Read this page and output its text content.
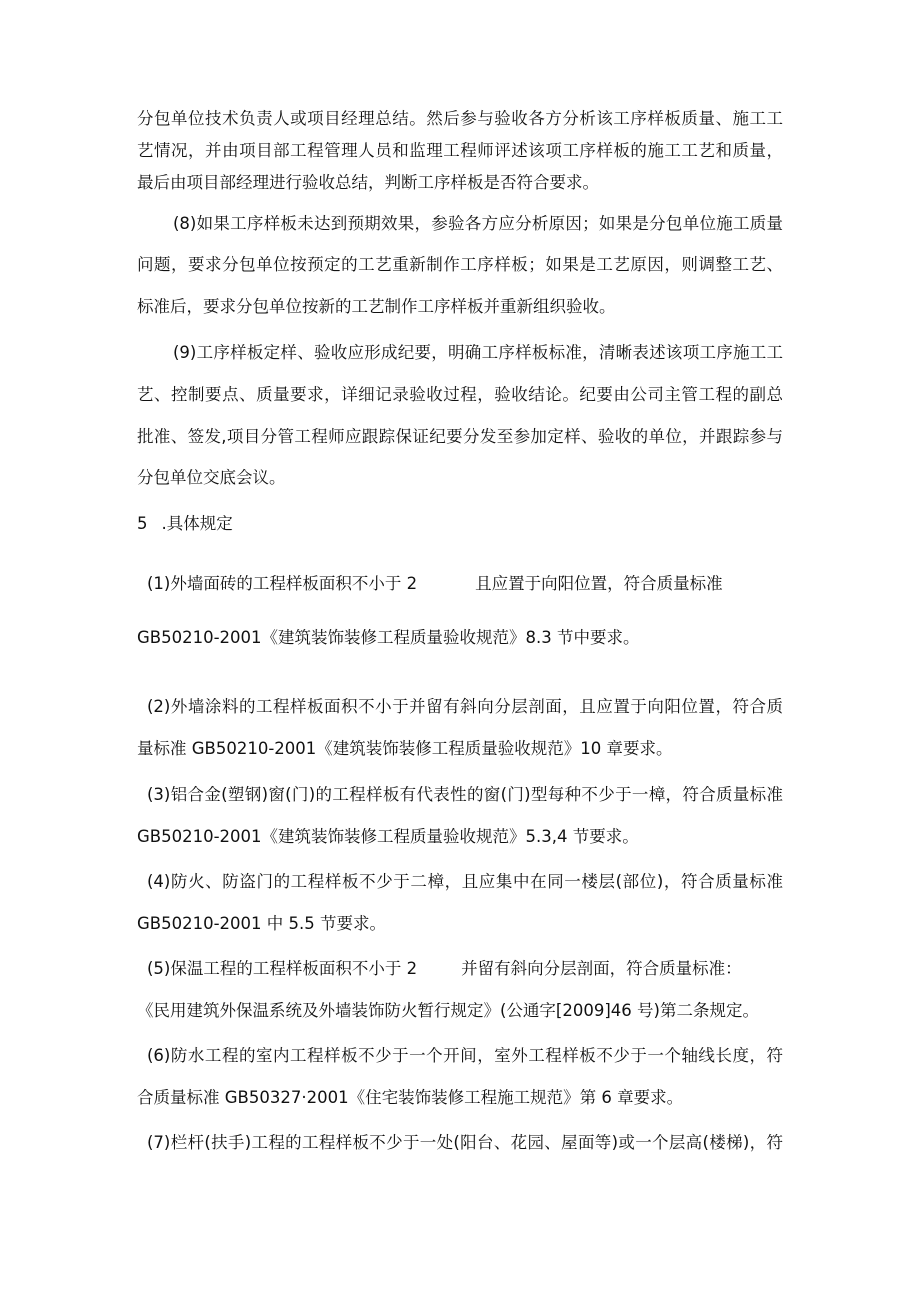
分包单位技术负责人或项目经理总结。然后参与验收各方分析该工序样板质量、施工工
艺情况，并由项目部工程管理人员和监理工程师评述该项工序样板的施工工艺和质量，
最后由项目部经理进行验收总结，判断工序样板是否符合要求。
(8)如果工序样板未达到预期效果，参验各方应分析原因；如果是分包单位施工质量
问题，要求分包单位按预定的工艺重新制作工序样板；如果是工艺原因，则调整工艺、
标准后，要求分包单位按新的工艺制作工序样板并重新组织验收。
(9)工序样板定样、验收应形成纪要，明确工序样板标准，清晰表述该项工序施工工
艺、控制要点、质量要求，详细记录验收过程，验收结论。纪要由公司主管工程的副总
批准、签发,项目分管工程师应跟踪保证纪要分发至参加定样、验收的单位，并跟踪参与
分包单位交底会议。
5 .具体规定
(1)外墙面砖的工程样板面积不小于 2	且应置于向阳位置，符合质量标准
GB50210-2001《建筑装饰装修工程质量验收规范》8.3 节中要求。
(2)外墙涂料的工程样板面积不小于并留有斜向分层剖面，且应置于向阳位置，符合质
量标准 GB50210-2001《建筑装饰装修工程质量验收规范》10 章要求。
(3)铝合金(塑钢)窗(门)的工程样板有代表性的窗(门)型每种不少于一樟，符合质量标准
GB50210-2001《建筑装饰装修工程质量验收规范》5.3,4 节要求。
(4)防火、防盗门的工程样板不少于二樟，且应集中在同一楼层(部位)，符合质量标准
GB50210-2001 中 5.5 节要求。
(5)保温工程的工程样板面积不小于 2	并留有斜向分层剖面，符合质量标准：
《民用建筑外保温系统及外墙装饰防火暂行规定》(公通字[2009]46 号)第二条规定。
(6)防水工程的室内工程样板不少于一个开间，室外工程样板不少于一个轴线长度，符
合质量标准 GB50327·2001《住宅装饰装修工程施工规范》第 6 章要求。
(7)栏杆(扶手)工程的工程样板不少于一处(阳台、花园、屋面等)或一个层高(楼梯)，符
